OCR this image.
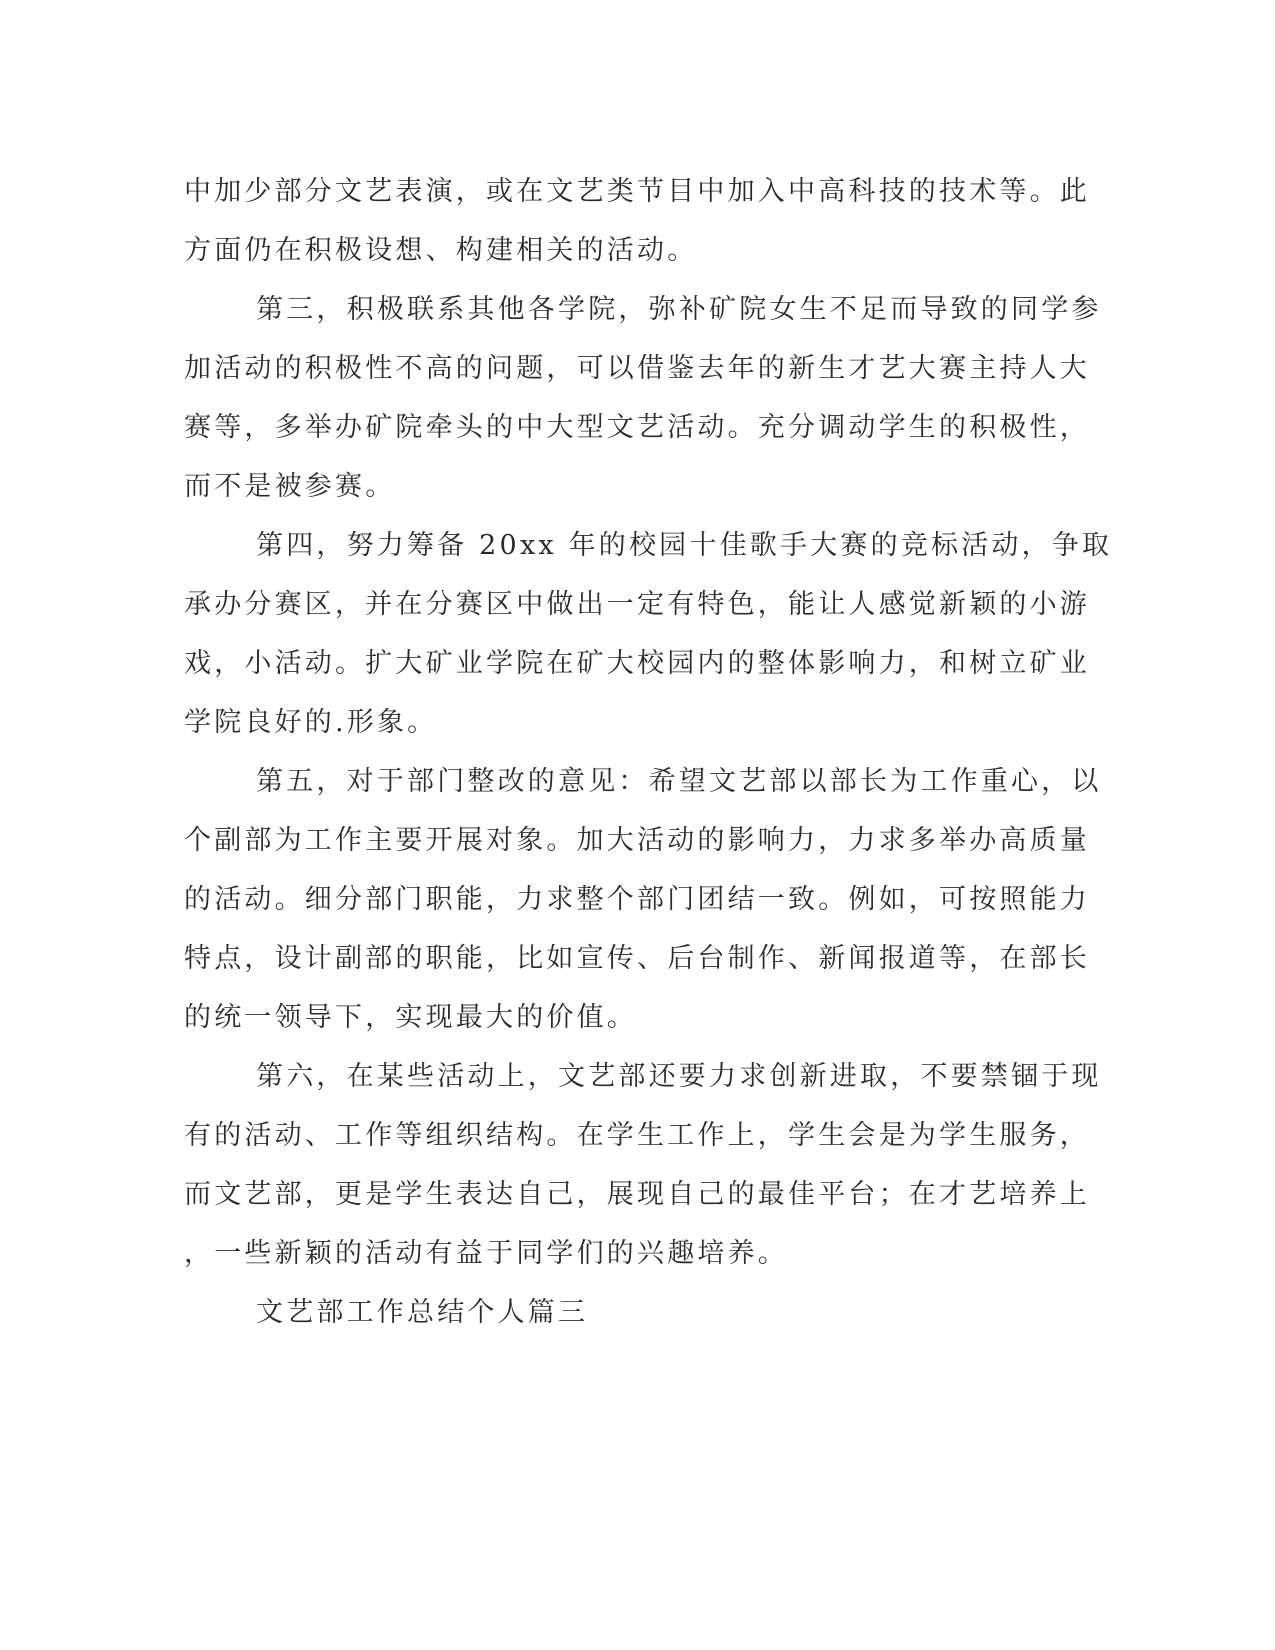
中加少部分文艺表演，或在文艺类节目中加入中高科技的技术等。此
方面仍在积极设想、构建相关的活动。

第三，积极联系其他各学院，弥补矿院女生不足而导致的同学参
加活动的积极性不高的问题，可以借鉴去年的新生才艺大赛主持人大
赛等，多举办矿院牵头的中大型文艺活动。充分调动学生的积极性，
而不是被参赛。

第四，努力筹备 20xx 年的校园十佳歌手大赛的竞标活动，争取
承办分赛区，并在分赛区中做出一定有特色，能让人感觉新颖的小游
戏，小活动。扩大矿业学院在矿大校园内的整体影响力，和树立矿业
学院良好的.形象。

第五，对于部门整改的意见：希望文艺部以部长为工作重心，以
个副部为工作主要开展对象。加大活动的影响力，力求多举办高质量
的活动。细分部门职能，力求整个部门团结一致。例如，可按照能力
特点，设计副部的职能，比如宣传、后台制作、新闻报道等，在部长
的统一领导下，实现最大的价值。

第六，在某些活动上，文艺部还要力求创新进取，不要禁锢于现
有的活动、工作等组织结构。在学生工作上，学生会是为学生服务，
而文艺部，更是学生表达自己，展现自己的最佳平台；在才艺培养上
，一些新颖的活动有益于同学们的兴趣培养。

文艺部工作总结个人篇三
